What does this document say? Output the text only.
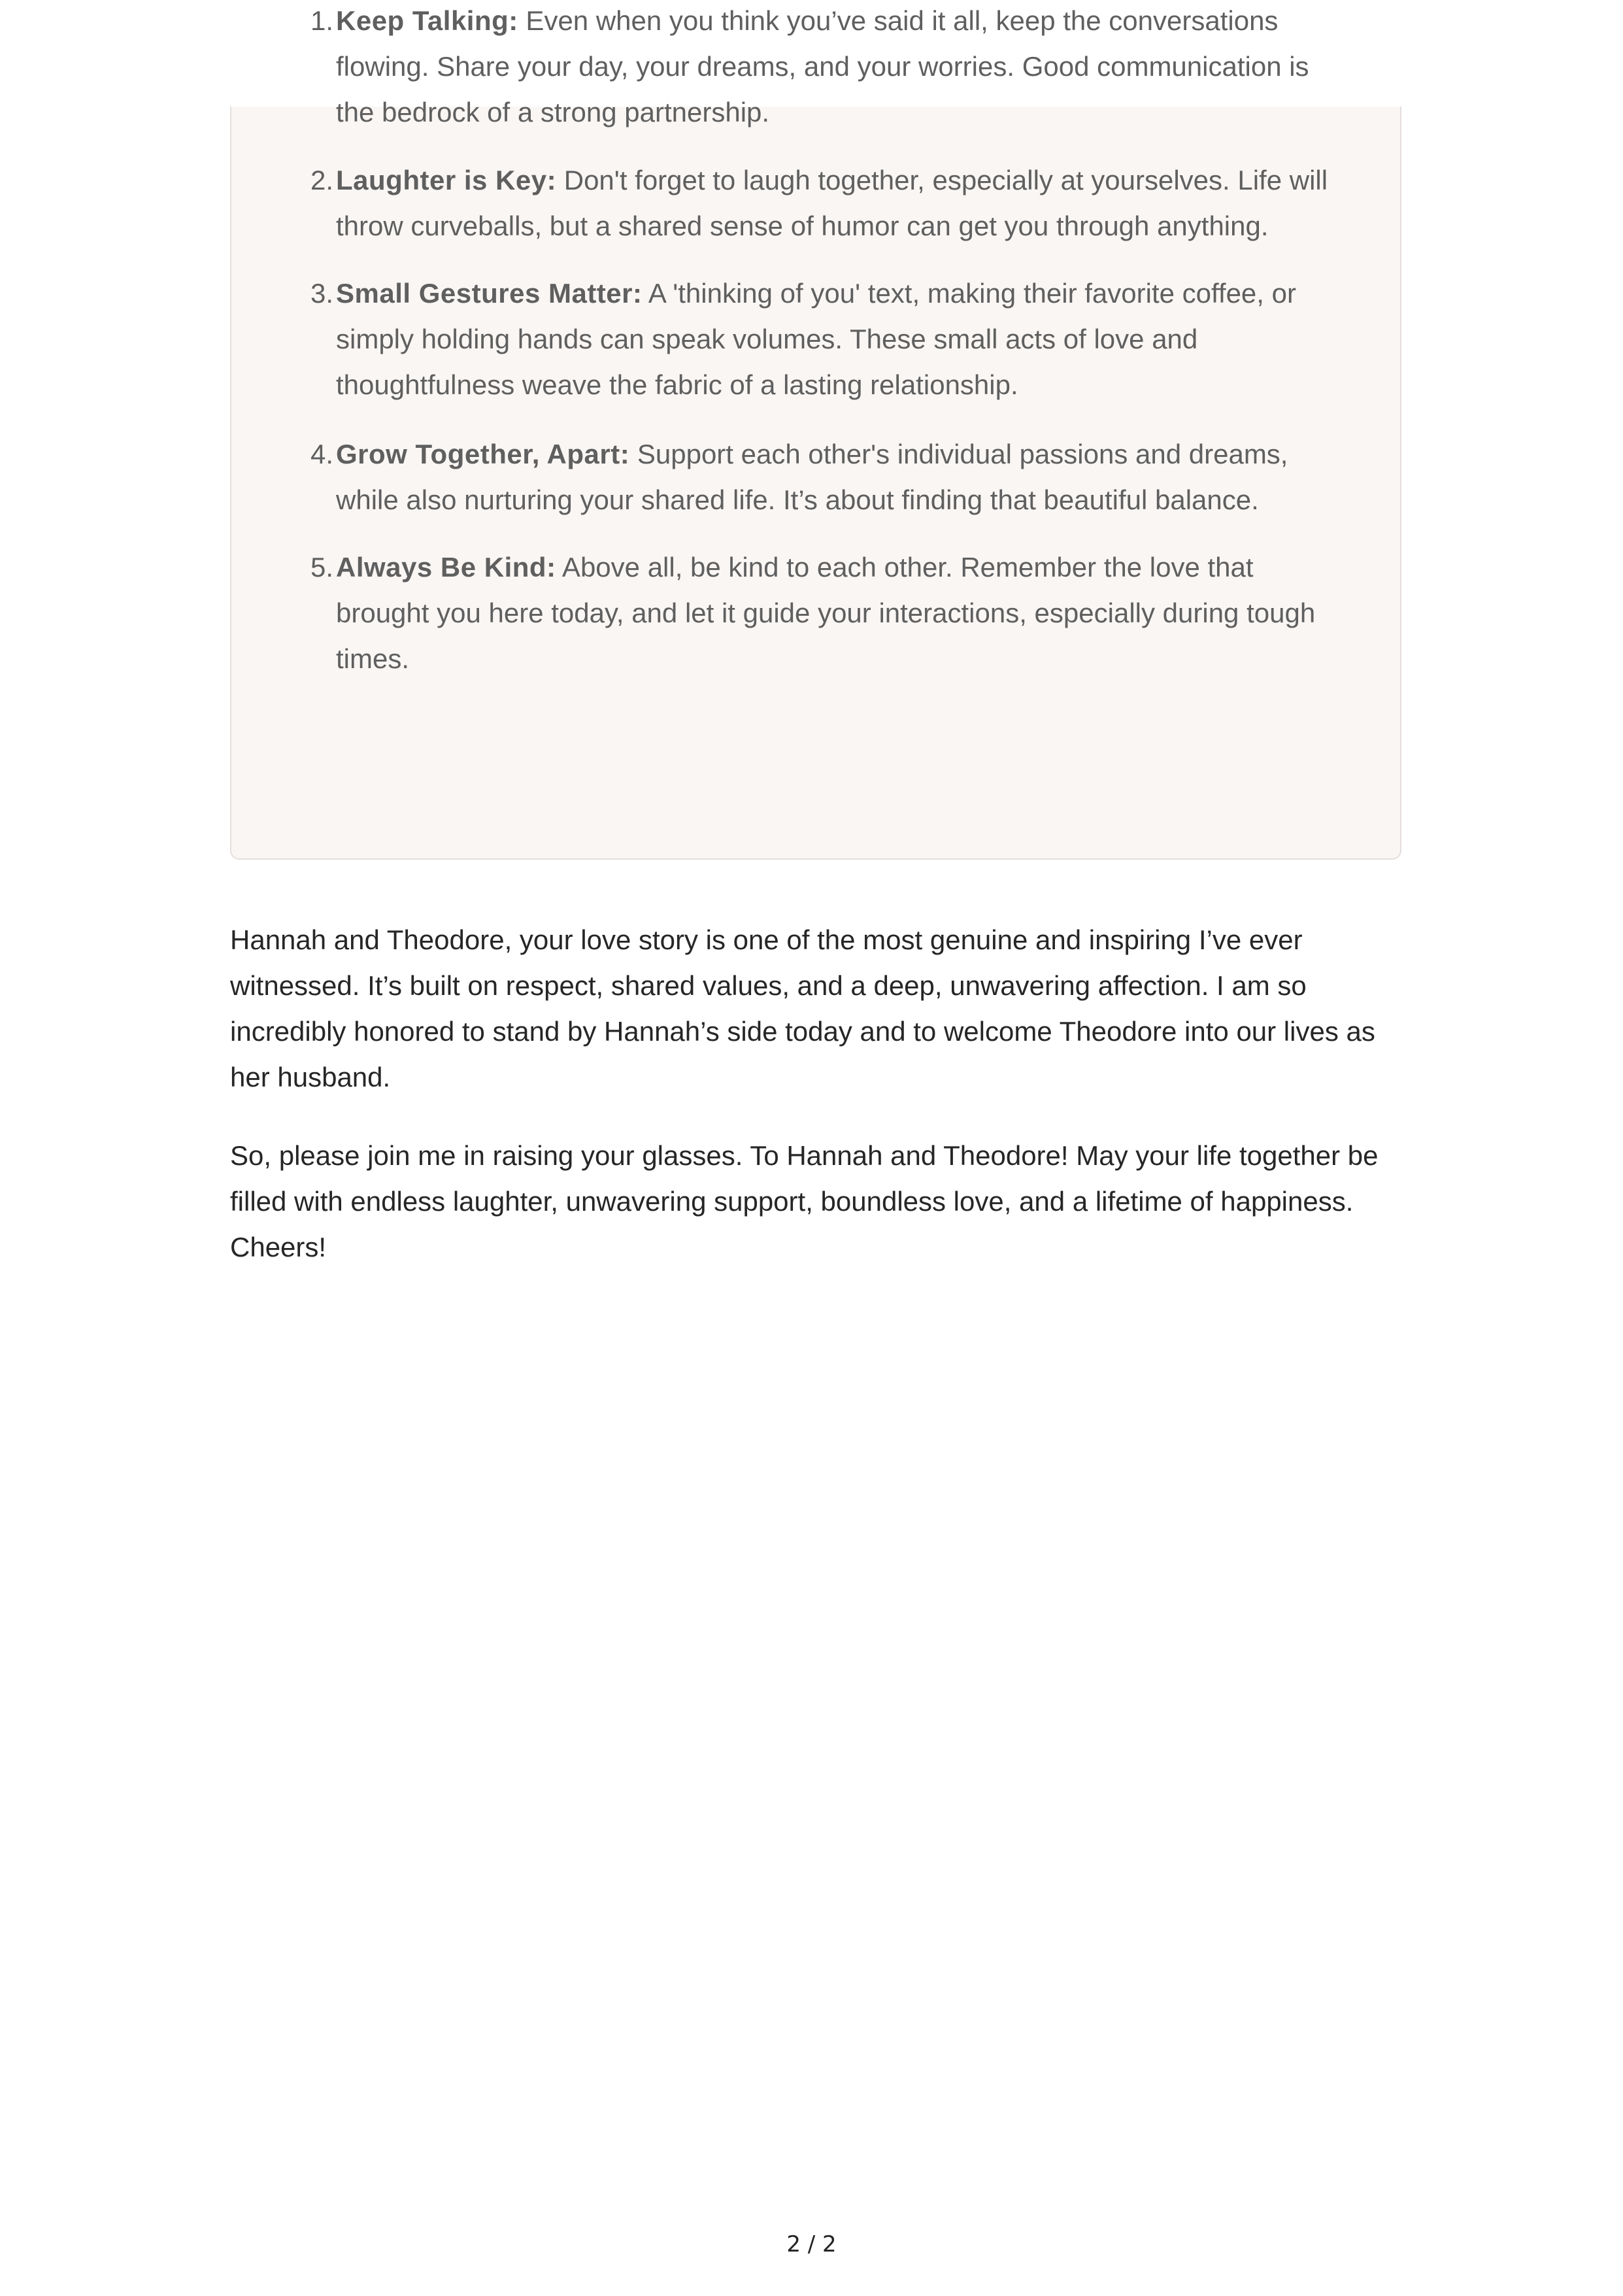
1. Keep Talking: Even when you think you’ve said it all, keep the conversations flowing. Share your day, your dreams, and your worries. Good communication is the bedrock of a strong partnership.
2. Laughter is Key: Don't forget to laugh together, especially at yourselves. Life will throw curveballs, but a shared sense of humor can get you through anything.
3. Small Gestures Matter: A 'thinking of you' text, making their favorite coffee, or simply holding hands can speak volumes. These small acts of love and thoughtfulness weave the fabric of a lasting relationship.
4. Grow Together, Apart: Support each other's individual passions and dreams, while also nurturing your shared life. It’s about finding that beautiful balance.
5. Always Be Kind: Above all, be kind to each other. Remember the love that brought you here today, and let it guide your interactions, especially during tough times.

Hannah and Theodore, your love story is one of the most genuine and inspiring I’ve ever witnessed. It’s built on respect, shared values, and a deep, unwavering affection. I am so incredibly honored to stand by Hannah’s side today and to welcome Theodore into our lives as her husband.

So, please join me in raising your glasses. To Hannah and Theodore! May your life together be filled with endless laughter, unwavering support, boundless love, and a lifetime of happiness. Cheers!

2 / 2
